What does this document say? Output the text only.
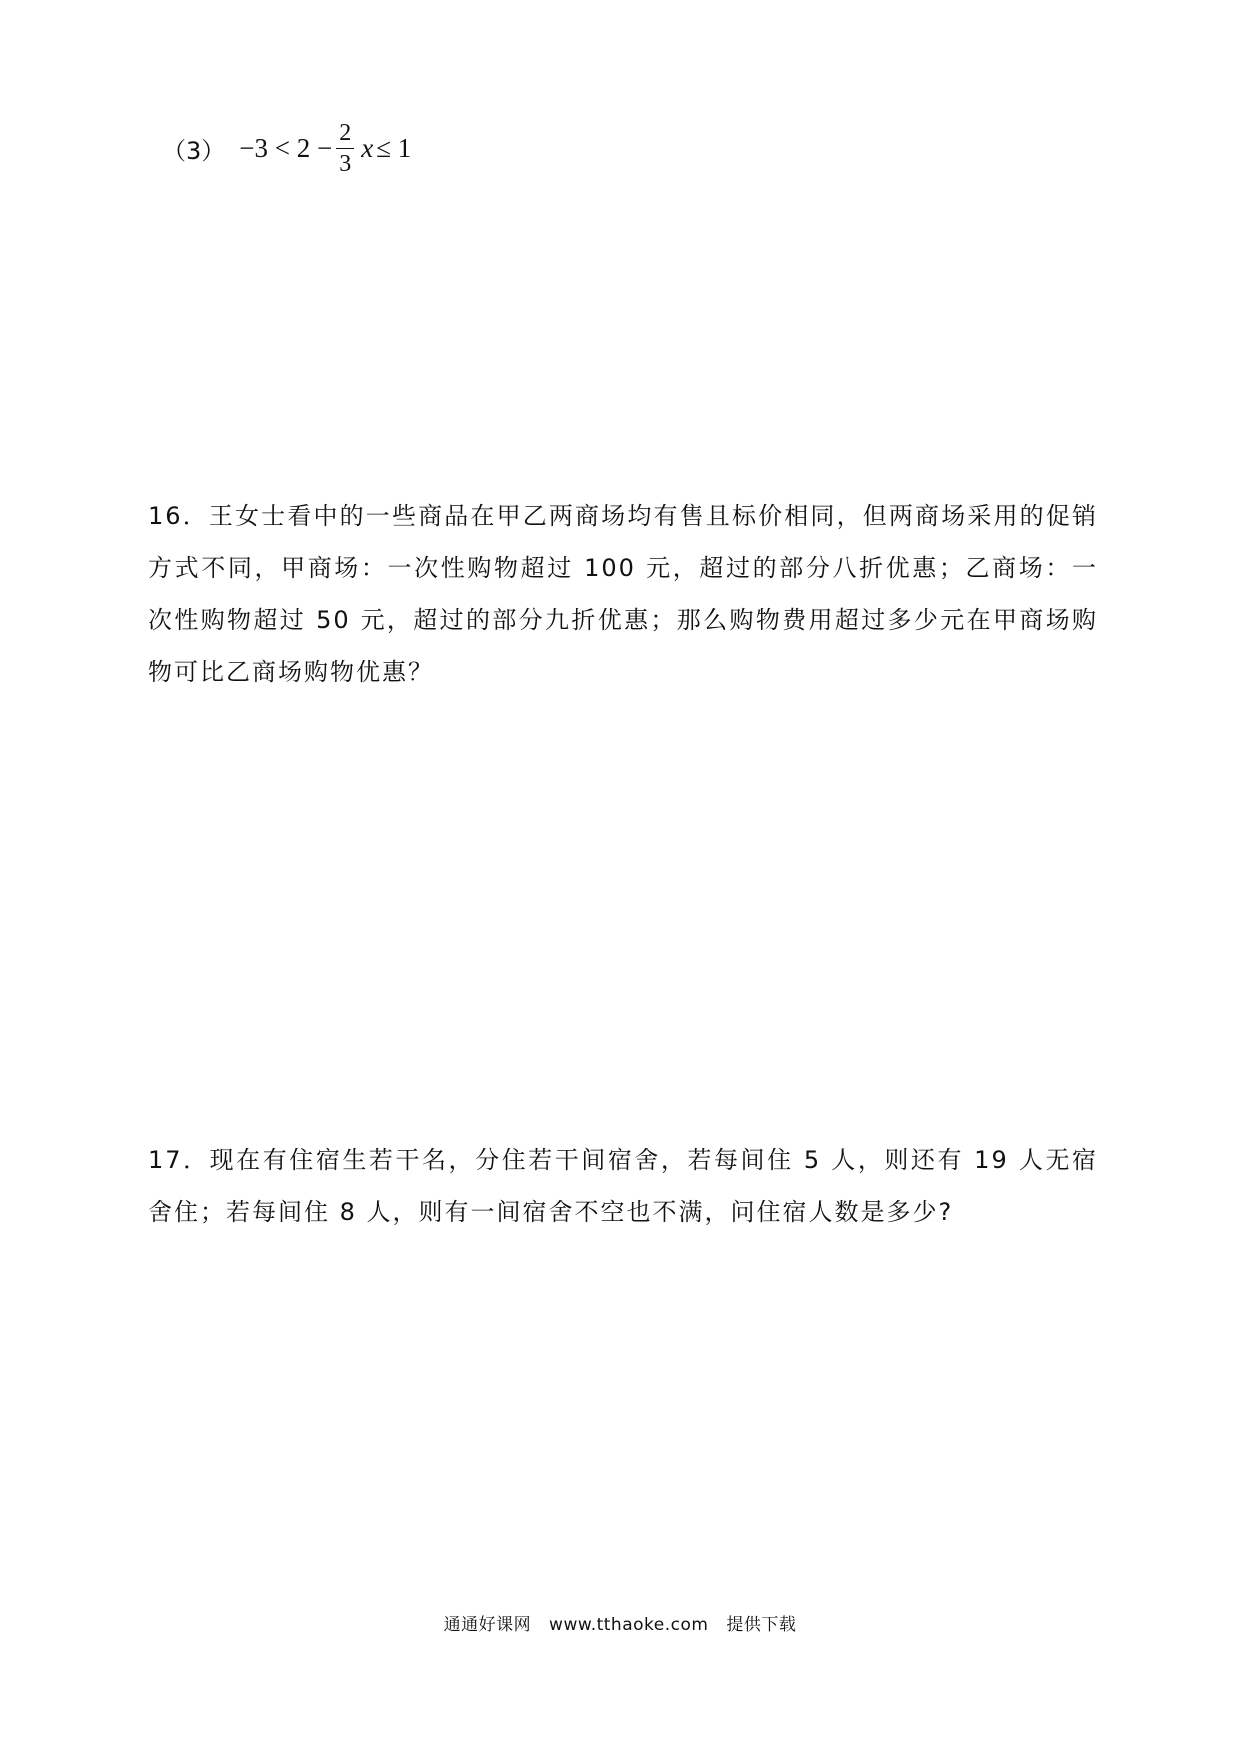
$(3) -3 < 2 - \frac{2}{3}$ x ≤ 1

16．王女士看中的一些商品在甲乙两商场均有售且标价相同，但两商场采用的促销方式不同，甲商场：一次性购物超过 100 元，超过的部分八折优惠；乙商场：一次性购物超过 50 元，超过的部分九折优惠；那么购物费用超过多少元在甲商场购物可比乙商场购物优惠？

17．现在有住宿生若干名，分住若干间宿舍，若每间住 5 人，则还有 19 人无宿舍住；若每间住 8 人，则有一间宿舍不空也不满，问住宿人数是多少?

通通好课网 www.tthaoke.com 提供下载
